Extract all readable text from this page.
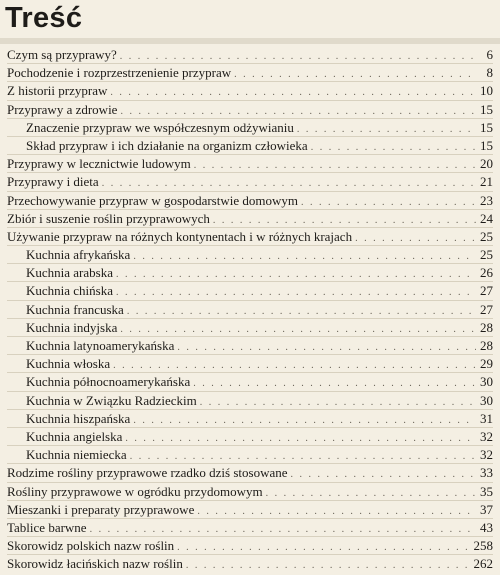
Treść
Czym są przyprawy? . . .	6
Pochodzenie i rozprzestrzenienie przypraw . . .	8
Z historii przypraw . . .	10
Przyprawy a zdrowie . . .	15
Znaczenie przypraw we współczesnym odżywianiu . . .	15
Skład przypraw i ich działanie na organizm człowieka . . .	15
Przyprawy w lecznictwie ludowym . . .	20
Przyprawy i dieta . . .	21
Przechowywanie przypraw w gospodarstwie domowym . . .	23
Zbiór i suszenie roślin przyprawowych . . .	24
Używanie przypraw na różnych kontynentach i w różnych krajach . . .	25
Kuchnia afrykańska . . .	25
Kuchnia arabska . . .	26
Kuchnia chińska . . .	27
Kuchnia francuska . . .	27
Kuchnia indyjska . . .	28
Kuchnia latynoamerykańska . . .	28
Kuchnia włoska . . .	29
Kuchnia północnoamerykańska . . .	30
Kuchnia w Związku Radzieckim . . .	30
Kuchnia hiszpańska . . .	31
Kuchnia angielska . . .	32
Kuchnia niemiecka . . .	32
Rodzime rośliny przyprawowe rzadko dziś stosowane . . .	33
Rośliny przyprawowe w ogródku przydomowym . . .	35
Mieszanki i preparaty przyprawowe . . .	37
Tablice barwne . . .	43
Skorowidz polskich nazw roślin . . .	258
Skorowidz łacińskich nazw roślin . . .	262
